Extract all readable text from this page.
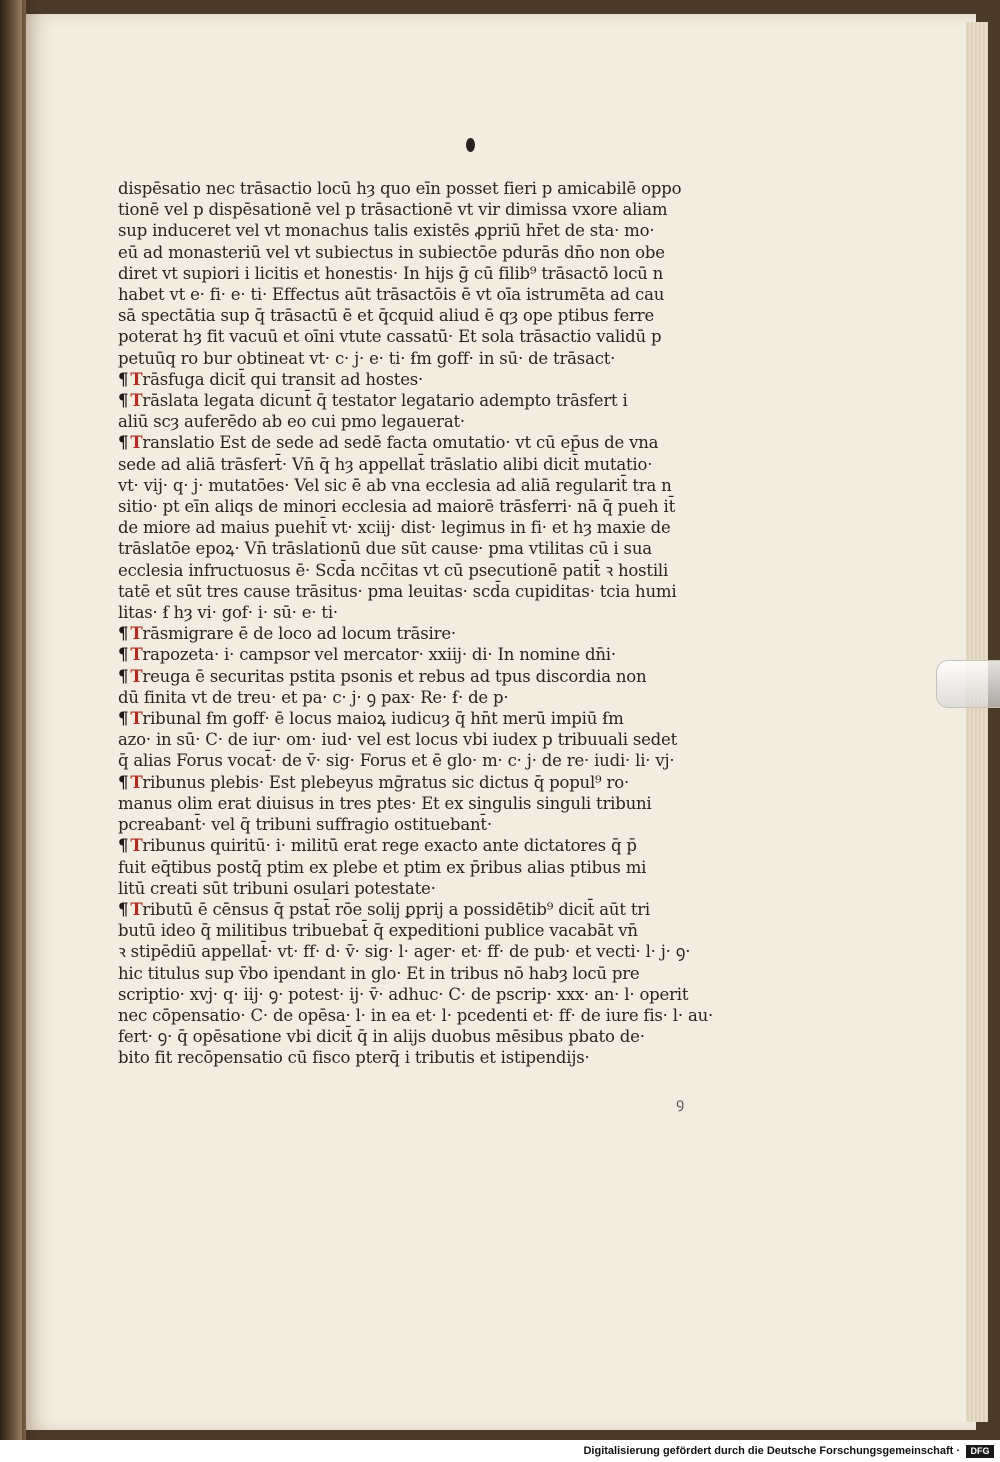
dispēsatio nec trāsactio locū hȝ quo eīn posset fieri p amicabilē oppo
tionē vel p dispēsationē vel p trāsactionē vt vir dimissa vxore aliam
sup induceret vel vt monachus talis existēs ꝓpriū hr̄et de sta· mo·
eū ad monasteriū vel vt subiectus in subiectōe pdurās dn̄o non obe
diret vt supiori i licitis et honestis· In hijs ḡ cū filib⁹ trāsactō locū n
habet vt e· fi· e· ti· Effectus aūt trāsactōis ē vt oīa istrumēta ad cau
sā spectātia sup q̄ trāsactū ē et q̄cquid aliud ē qȝ ope ptibus ferre
poterat hȝ fit vacuū et oīni vtute cassatū· Et sola trāsactio validū p
petuūq ro bur obtineat vt· c· j· e· ti· ẜm goff· in sū· de trāsact·
¶ Trāsfuga dicit̄ qui transit ad hostes·
¶ Trāslata legata dicunt̄ q̄ testator legatario adempto trāsfert i
aliū scȝ auferēdo ab eo cui pmo legauerat·
¶ Translatio Est de sede ad sedē facta omutatio· vt cū ep̄us de vna
sede ad aliā trāsfert̄· Vn̄ q̄ hȝ appellat̄ trāslatio alibi dicit̄ mutatio·
vt· vij· q· j· mutatōes· Vel sic ē ab vna ecclesia ad aliā regularit̄ tra n
sitio· pt eīn aliqs de minori ecclesia ad maiorē trāsferri· nā q̄ pueh it̄
de miore ad maius puehit̄ vt· xciij· dist· legimus in fi· et hȝ maxie de
trāslatōe epoꝝ· Vn̄ trāslationū due sūt cause· pma vtilitas cū i sua
ecclesia infructuosus ē· Scd̄a ncc̄itas vt cū psecutionē patit̄ ꝛ hostili
tatē et sūt tres cause trāsitus· pma leuitas· scd̄a cupiditas· tcia humi
litas· ẜ hȝ vi· gof· i· sū· e· ti·
¶ Trāsmigrare ē de loco ad locum trāsire·
¶ Trapozeta· i· campsor vel mercator· xxiij· di· In nomine dn̄i·
¶ Treuga ē securitas pstita psonis et rebus ad tpus discordia non
dū finita vt de treu· et pa· c· j· ꝯ pax· Re· ẜ· de p·
¶ Tribunal ẜm goff· ē locus maioꝝ iudicuȝ q̄ hn̄t merū impiū ẜm
azo· in sū· C· de iur· om· iud· vel est locus vbi iudex p tribuuali sedet
q̄ alias Forus vocat̄· de v̄· sig· Forus et ē glo· m· c· j· de re· iudi· li· vj·
¶ Tribunus plebis· Est plebeyus mḡratus sic dictus q̄ popul⁹ ro·
manus olim erat diuisus in tres ptes· Et ex singulis singuli tribuni
pcreabant̄· vel q̄ tribuni suffragio ostituebant̄·
¶ Tribunus quiritū· i· militū erat rege exacto ante dictatores q̄ p̄
fuit eq̄tibus postq̄ ptim ex plebe et ptim ex p̄ribus alias ptibus mi
litū creati sūt tribuni osulari potestate·
¶ Tributū ē cēnsus q̄ pstat̄ rōe solij ꝑprij a possidētib⁹ dicit̄ aūt tri
butū ideo q̄ militibus tribuebat̄ q̄ expeditioni publice vacabāt vn̄
ꝛ stipēdiū appellat̄· vt· ff· d· v̄· sig· l· ager· et· ff· de pub· et vecti· l· j· ꝯ·
hic titulus sup v̄bo ipendant in glo· Et in tribus nō habȝ locū pre
scriptio· xvj· q· iij· ꝯ· potest· ij· v̄· adhuc· C· de pscrip· xxx· an· l· operit
nec cōpensatio· C· de opēsa· l· in ea et· l· pcedenti et· ff· de iure fis· l· au·
fert· ꝯ· q̄ opēsatione vbi dicit̄ q̄ in alijs duobus mēsibus pbato de·
bito fit recōpensatio cū fisco pterq̄ i tributis et istipendijs·
ꝯ
Digitalisierung gefördert durch die Deutsche Forschungsgemeinschaft ·	DFG
